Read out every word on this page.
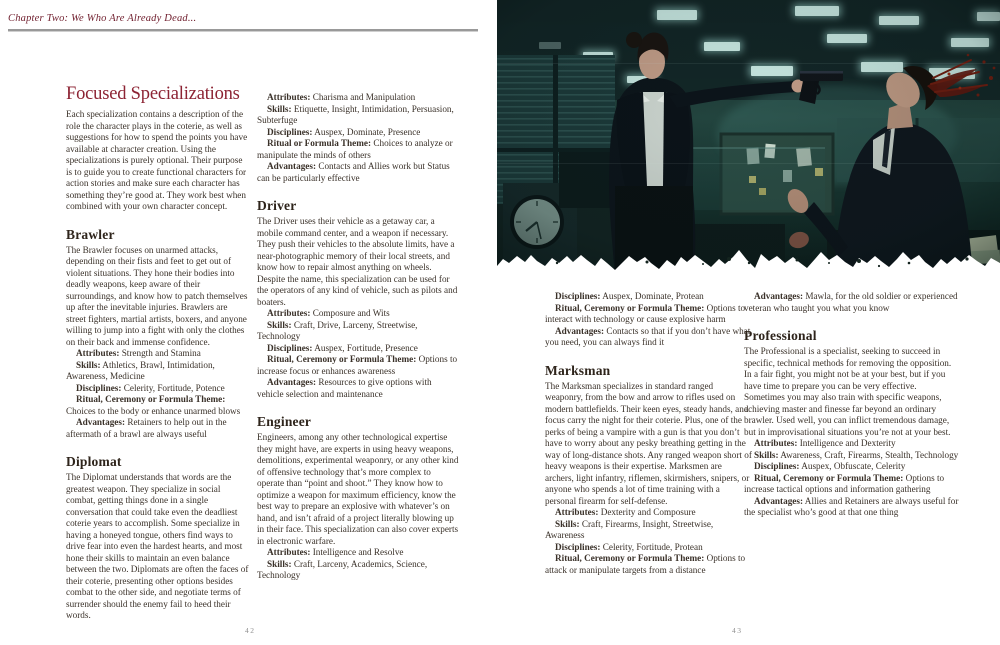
Chapter Two: We Who Are Already Dead...
Focused Specializations

Each specialization contains a description of the role the character plays in the coterie, as well as suggestions for how to spend the points you have available at character creation. Using the specializations is purely optional. Their purpose is to guide you to create functional characters for action stories and make sure each character has something they’re good at. They work best when combined with your own character concept.

Brawler

The Brawler focuses on unarmed attacks, depending on their fists and feet to get out of violent situations. They hone their bodies into deadly weapons, keep aware of their surroundings, and know how to patch themselves up after the inevitable injuries. Brawlers are street fighters, martial artists, boxers, and anyone willing to jump into a fight with only the clothes on their back and immense confidence.

Attributes: Strength and Stamina
Skills: Athletics, Brawl, Intimidation, Awareness, Medicine
Disciplines: Celerity, Fortitude, Potence
Ritual, Ceremony or Formula Theme: Choices to the body or enhance unarmed blows
Advantages: Retainers to help out in the aftermath of a brawl are always useful
Diplomat

The Diplomat understands that words are the greatest weapon. They specialize in social combat, getting things done in a single conversation that could take even the deadliest coterie years to accomplish. Some specialize in having a honeyed tongue, others find ways to drive fear into even the hardest hearts, and most hone their skills to maintain an even balance between the two. Diplomats are often the faces of their coterie, presenting other options besides combat to the other side, and negotiate terms of surrender should the enemy fail to heed their words.

Attributes: Charisma and Manipulation
Skills: Etiquette, Insight, Intimidation, Persuasion, Subterfuge
Disciplines: Auspex, Dominate, Presence
Ritual or Formula Theme: Choices to analyze or manipulate the minds of others
Advantages: Contacts and Allies work but Status can be particularly effective
Driver

The Driver uses their vehicle as a getaway car, a mobile command center, and a weapon if necessary. They push their vehicles to the absolute limits, have a near-photographic memory of their local streets, and know how to repair almost anything on wheels. Despite the name, this specialization can be used for the operators of any kind of vehicle, such as pilots and boaters.

Attributes: Composure and Wits
Skills: Craft, Drive, Larceny, Streetwise, Technology
Disciplines: Auspex, Fortitude, Presence
Ritual, Ceremony or Formula Theme: Options to increase focus or enhances awareness
Advantages: Resources to give options with vehicle selection and maintenance
Engineer

Engineers, among any other technological expertise they might have, are experts in using heavy weapons, demolitions, experimental weaponry, or any other kind of offensive technology that’s more complex to operate than “point and shoot.” They know how to optimize a weapon for maximum efficiency, know the best way to prepare an explosive with whatever’s on hand, and isn’t afraid of a project literally blowing up in their face. This specialization can also cover experts in electronic warfare.

Attributes: Intelligence and Resolve
Skills: Craft, Larceny, Academics, Science, Technology
Disciplines: Auspex, Dominate, Protean
Ritual, Ceremony or Formula Theme: Options to interact with technology or cause explosive harm
Advantages: Contacts so that if you don’t have what you need, you can always find it
Marksman

The Marksman specializes in standard ranged weaponry, from the bow and arrow to rifles used on modern battlefields. Their keen eyes, steady hands, and focus carry the night for their coterie. Plus, one of the perks of being a vampire with a gun is that you don’t have to worry about any pesky breathing getting in the way of long-distance shots. Any ranged weapon short of heavy weapons is their expertise. Marksmen are archers, light infantry, riflemen, skirmishers, snipers, or anyone who spends a lot of time training with a personal firearm for self-defense.

Attributes: Dexterity and Composure
Skills: Craft, Firearms, Insight, Streetwise, Awareness
Disciplines: Celerity, Fortitude, Protean
Ritual, Ceremony or Formula Theme: Options to attack or manipulate targets from a distance
Advantages: Mawla, for the old soldier or experienced veteran who taught you what you know
Professional

The Professional is a specialist, seeking to succeed in specific, technical methods for removing the opposition. In a fair fight, you might not be at your best, but if you have time to prepare you can be very effective. Sometimes you may also train with specific weapons, achieving master and finesse far beyond an ordinary brawler. Used well, you can inflict tremendous damage, but in improvisational situations you’re not at your best.

Attributes: Intelligence and Dexterity
Skills: Awareness, Craft, Firearms, Stealth, Technology
Disciplines: Auspex, Obfuscate, Celerity
Ritual, Ceremony or Formula Theme: Options to increase tactical options and information gathering
Advantages: Allies and Retainers are always useful for the specialist who’s good at that one thing
42	43
